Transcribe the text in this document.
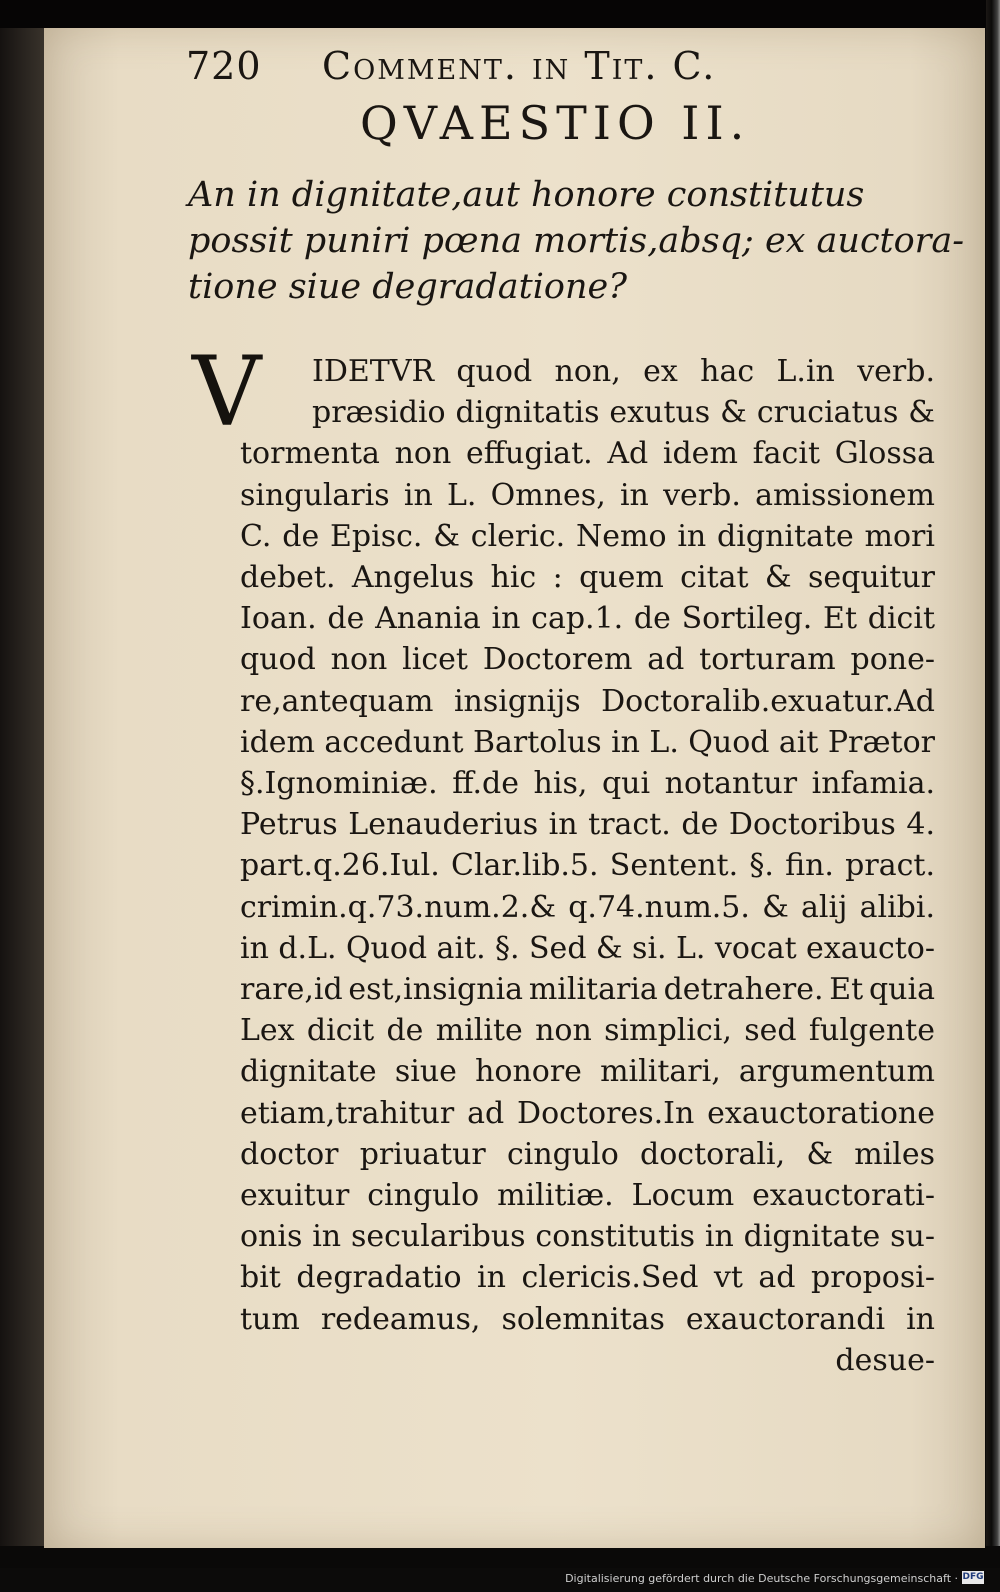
720 Comment. in Tit. C.
QVAESTIO II.

An in dignitate,aut honore constitutus
possit puniri pœna mortis,absq; ex auctora-
tione siue degradatione?

V IDETVR quod non, ex hac L.in verb.
præsidio dignitatis exutus & cruciatus &
tormenta non effugiat. Ad idem facit Glossa
singularis in L. Omnes, in verb. amissionem
C. de Episc. & cleric. Nemo in dignitate mori
debet. Angelus hic : quem citat & sequitur
Ioan. de Anania in cap.1. de Sortileg. Et dicit
quod non licet Doctorem ad torturam pone-
re,antequam insignijs Doctoralib.exuatur.Ad
idem accedunt Bartolus in L. Quod ait Prætor
§.Ignominiæ. ff.de his, qui notantur infamia.
Petrus Lenauderius in tract. de Doctoribus 4.
part.q.26.Iul. Clar.lib.5. Sentent. §. fin. pract.
crimin.q.73.num.2.& q.74.num.5. & alij alibi.
in d.L. Quod ait. §. Sed & si. L. vocat exaucto-
rare,id est,insignia militaria detrahere. Et quia
Lex dicit de milite non simplici, sed fulgente
dignitate siue honore militari, argumentum
etiam,trahitur ad Doctores.In exauctoratione
doctor priuatur cingulo doctorali, & miles
exuitur cingulo militiæ. Locum exauctorati-
onis in secularibus constitutis in dignitate su-
bit degradatio in clericis.Sed vt ad proposi-
tum redeamus, solemnitas exauctorandi in
desue-
Digitalisierung gefördert durch die Deutsche Forschungsgemeinschaft · DFG
